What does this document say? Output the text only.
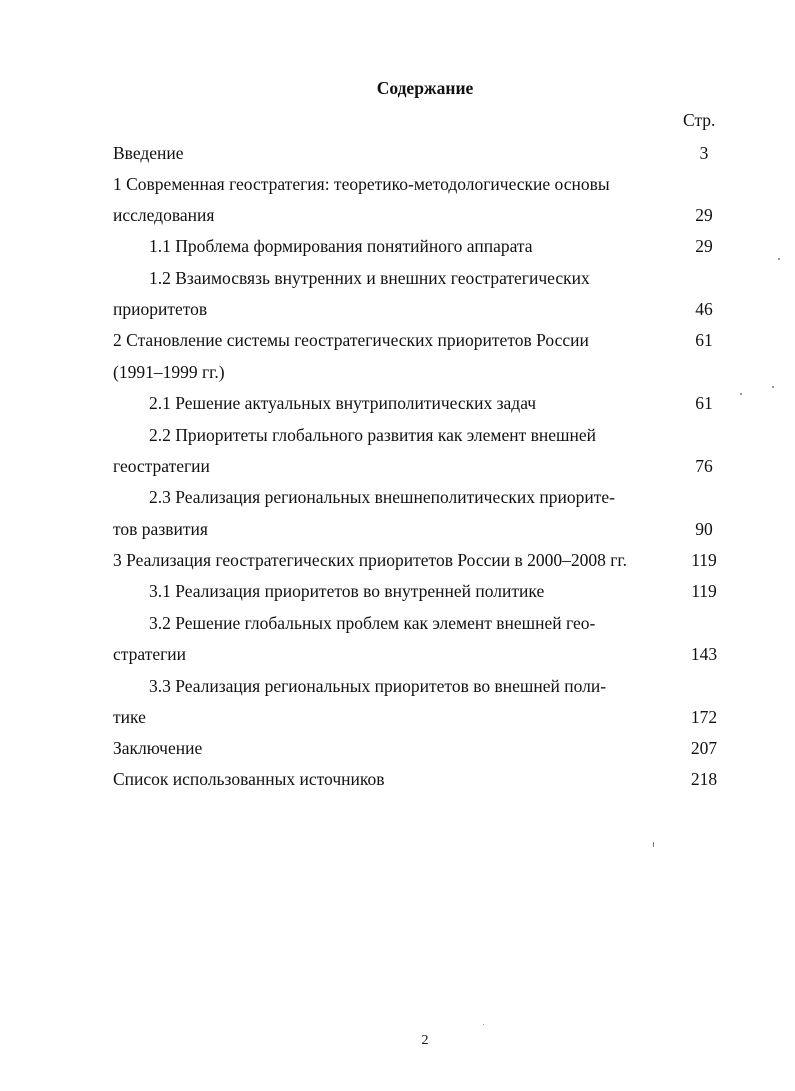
Содержание
Стр.
Введение	3
1 Современная геостратегия: теоретико-методологические основы
исследования	29
1.1 Проблема формирования понятийного аппарата	29
1.2 Взаимосвязь внутренних и внешних геостратегических
приоритетов	46
2 Становление системы геостратегических приоритетов России	61
(1991–1999 гг.)
2.1 Решение актуальных внутриполитических задач	61
2.2 Приоритеты глобального развития как элемент внешней
геостратегии	76
2.3 Реализация региональных внешнеполитических приорите-
тов развития	90
3 Реализация геостратегических приоритетов России в 2000–2008 гг.	119
3.1 Реализация приоритетов во внутренней политике	119
3.2 Решение глобальных проблем как элемент внешней гео-
стратегии	143
3.3 Реализация региональных приоритетов во внешней поли-
тике	172
Заключение	207
Список использованных источников	218
2
